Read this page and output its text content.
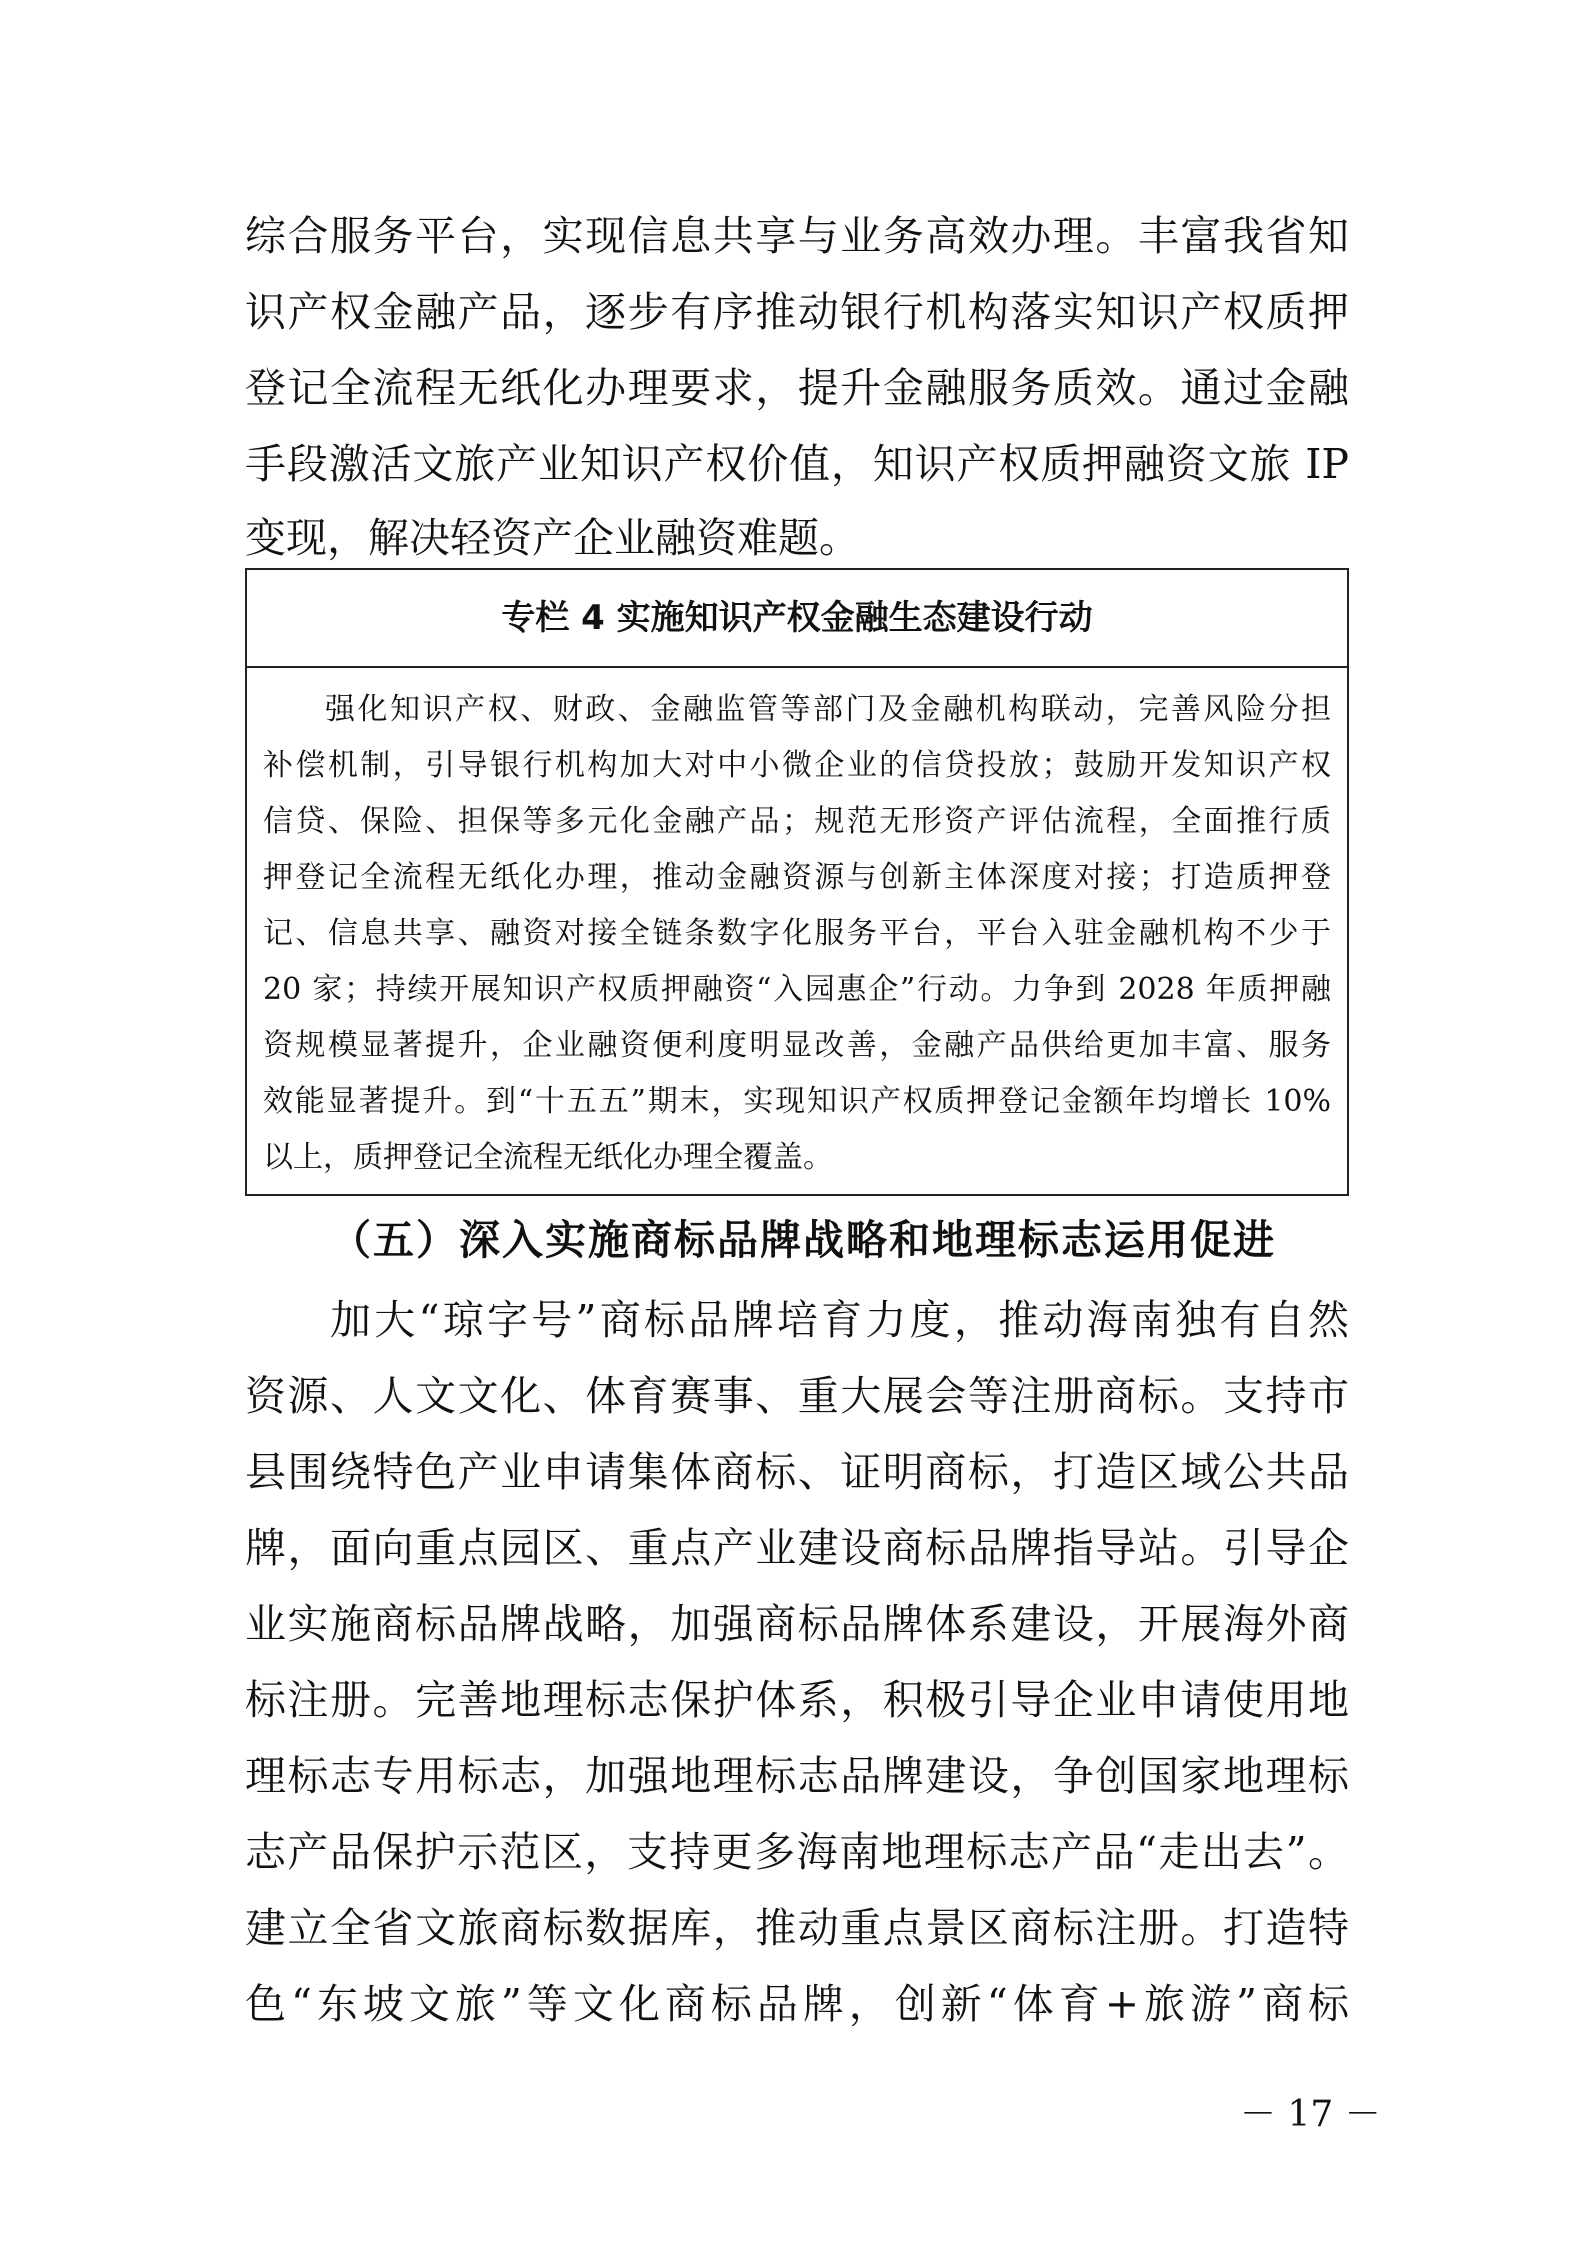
综合服务平台，实现信息共享与业务高效办理。丰富我省知
识产权金融产品，逐步有序推动银行机构落实知识产权质押
登记全流程无纸化办理要求，提升金融服务质效。通过金融
手段激活文旅产业知识产权价值，知识产权质押融资文旅 IP
变现，解决轻资产企业融资难题。
专栏 4 实施知识产权金融生态建设行动
强化知识产权、财政、金融监管等部门及金融机构联动，完善风险分担
补偿机制，引导银行机构加大对中小微企业的信贷投放；鼓励开发知识产权
信贷、保险、担保等多元化金融产品；规范无形资产评估流程，全面推行质
押登记全流程无纸化办理，推动金融资源与创新主体深度对接；打造质押登
记、信息共享、融资对接全链条数字化服务平台，平台入驻金融机构不少于
20 家；持续开展知识产权质押融资“入园惠企”行动。力争到 2028 年质押融
资规模显著提升，企业融资便利度明显改善，金融产品供给更加丰富、服务
效能显著提升。到“十五五”期末，实现知识产权质押登记金额年均增长 10%
以上，质押登记全流程无纸化办理全覆盖。
（五）深入实施商标品牌战略和地理标志运用促进
加大“琼字号”商标品牌培育力度，推动海南独有自然
资源、人文文化、体育赛事、重大展会等注册商标。支持市
县围绕特色产业申请集体商标、证明商标，打造区域公共品
牌，面向重点园区、重点产业建设商标品牌指导站。引导企
业实施商标品牌战略，加强商标品牌体系建设，开展海外商
标注册。完善地理标志保护体系，积极引导企业申请使用地
理标志专用标志，加强地理标志品牌建设，争创国家地理标
志产品保护示范区，支持更多海南地理标志产品“走出去”。
建立全省文旅商标数据库，推动重点景区商标注册。打造特
色“东坡文旅”等文化商标品牌，创新“体育+旅游”商标
－ 17 －
